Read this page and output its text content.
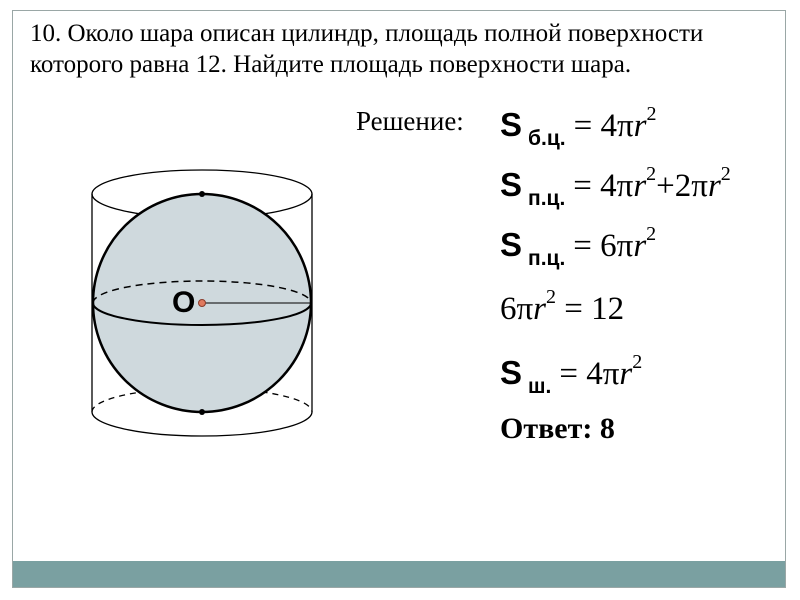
10. Около шара описан цилиндр, площадь полной поверхности которого равна 12. Найдите площадь поверхности шара.
Решение: S $_{б.ц.} = 4\pi r^2$
S $_{п.ц.} = 4\pi r^2+2\pi r^2$
S $_{п.ц.} = 6\pi r^2$
$6\pi r^2 = 12$
S $_{ш.} = 4\pi r^2$
Ответ: 8
O
